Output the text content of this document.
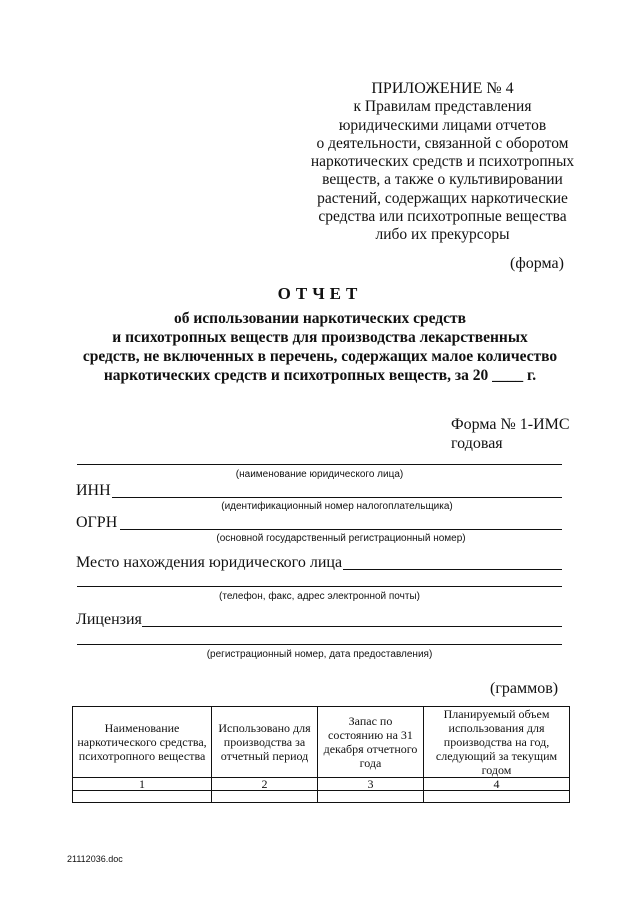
ПРИЛОЖЕНИЕ № 4
к Правилам представления
юридическими лицами отчетов
о деятельности, связанной с оборотом
наркотических средств и психотропных
веществ, а также о культивировании
растений, содержащих наркотические
средства или психотропные вещества
либо их прекурсоры
(форма)
ОТЧЕТ
об использовании наркотических средств
и психотропных веществ для производства лекарственных
средств, не включенных в перечень, содержащих малое количество
наркотических средств и психотропных веществ, за 20 ____ г.
Форма № 1-ИМС
годовая
(наименование юридического лица)
ИНН
(идентификационный номер налогоплательщика)
ОГРН
(основной государственный регистрационный номер)
Место нахождения юридического лица
(телефон, факс, адрес электронной почты)
Лицензия
(регистрационный номер, дата предоставления)
(граммов)
Наименование наркотического средства, психотропного вещества	Использовано для производства за отчетный период	Запас по состоянию на 31 декабря отчетного года	Планируемый объем использования для производства на год, следующий за текущим годом
1	2	3	4

21112036.doc
